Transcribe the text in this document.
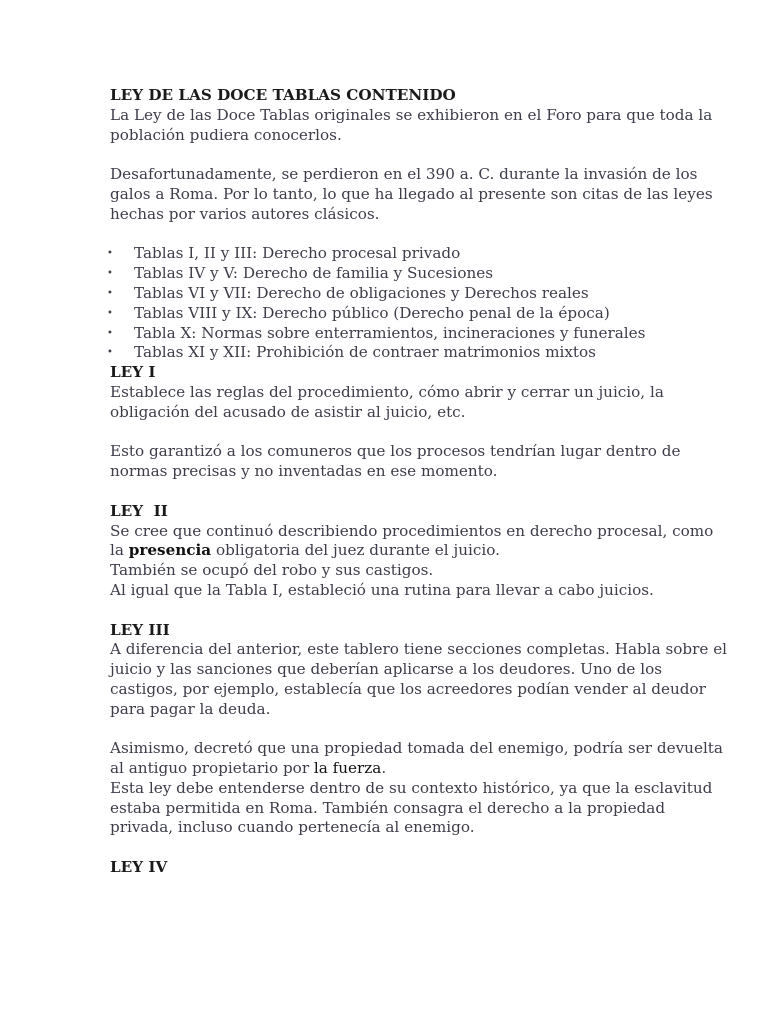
LEY DE LAS DOCE TABLAS CONTENIDO

La Ley de las Doce Tablas originales se exhibieron en el Foro para que toda la población pudiera conocerlos.

Desafortunadamente, se perdieron en el 390 a. C. durante la invasión de los galos a Roma. Por lo tanto, lo que ha llegado al presente son citas de las leyes hechas por varios autores clásicos.

• Tablas I, II y III: Derecho procesal privado
• Tablas IV y V: Derecho de familia y Sucesiones
• Tablas VI y VII: Derecho de obligaciones y Derechos reales
• Tablas VIII y IX: Derecho público (Derecho penal de la época)
• Tabla X: Normas sobre enterramientos, incineraciones y funerales
• Tablas XI y XII: Prohibición de contraer matrimonios mixtos

LEY I

Establece las reglas del procedimiento, cómo abrir y cerrar un juicio, la obligación del acusado de asistir al juicio, etc.

Esto garantizó a los comuneros que los procesos tendrían lugar dentro de normas precisas y no inventadas en ese momento.

LEY  II

Se cree que continuó describiendo procedimientos en derecho procesal, como la presencia obligatoria del juez durante el juicio.

También se ocupó del robo y sus castigos.

Al igual que la Tabla I, estableció una rutina para llevar a cabo juicios.

LEY III

A diferencia del anterior, este tablero tiene secciones completas. Habla sobre el juicio y las sanciones que deberían aplicarse a los deudores. Uno de los castigos, por ejemplo, establecía que los acreedores podían vender al deudor para pagar la deuda.

Asimismo, decretó que una propiedad tomada del enemigo, podría ser devuelta al antiguo propietario por la fuerza.

Esta ley debe entenderse dentro de su contexto histórico, ya que la esclavitud estaba permitida en Roma. También consagra el derecho a la propiedad privada, incluso cuando pertenecía al enemigo.

LEY IV
